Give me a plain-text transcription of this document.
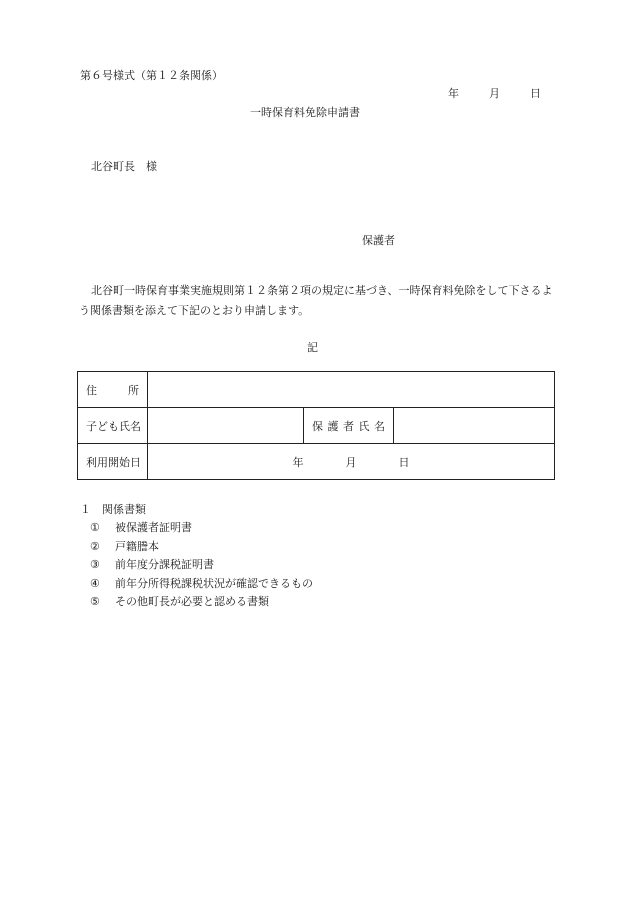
第６号様式（第１２条関係）
年	月	日
一時保育料免除申請書
北谷町長　様
保護者
北谷町一時保育事業実施規則第１２条第２項の規定に基づき、一時保育料免除をして下さるよう関係書類を添えて下記のとおり申請します。
記
住 所			

子 ど も 氏 名		保 護 者 氏 名	

利 用 開 始 日	年 月 日		
１　関係書類
① 被保護者証明書
② 戸籍謄本
③ 前年度分課税証明書
④ 前年分所得税課税状況が確認できるもの
⑤ その他町長が必要と認める書類
